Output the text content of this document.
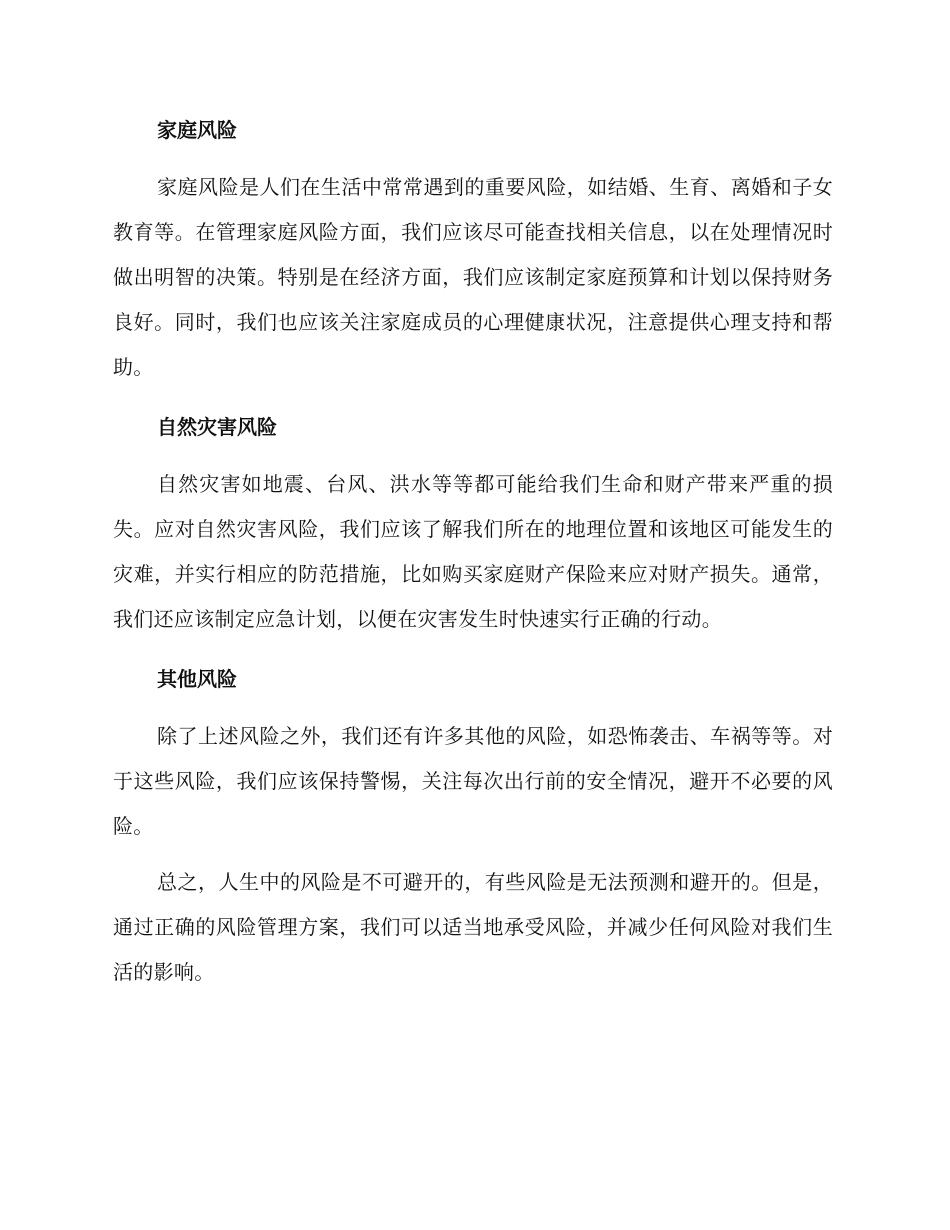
家庭风险

家庭风险是人们在生活中常常遇到的重要风险，如结婚、生育、离婚和子女教育等。在管理家庭风险方面，我们应该尽可能查找相关信息，以在处理情况时做出明智的决策。特别是在经济方面，我们应该制定家庭预算和计划以保持财务良好。同时，我们也应该关注家庭成员的心理健康状况，注意提供心理支持和帮助。

自然灾害风险

自然灾害如地震、台风、洪水等等都可能给我们生命和财产带来严重的损失。应对自然灾害风险，我们应该了解我们所在的地理位置和该地区可能发生的灾难，并实行相应的防范措施，比如购买家庭财产保险来应对财产损失。通常，我们还应该制定应急计划，以便在灾害发生时快速实行正确的行动。

其他风险

除了上述风险之外，我们还有许多其他的风险，如恐怖袭击、车祸等等。对于这些风险，我们应该保持警惕，关注每次出行前的安全情况，避开不必要的风险。

总之，人生中的风险是不可避开的，有些风险是无法预测和避开的。但是，通过正确的风险管理方案，我们可以适当地承受风险，并减少任何风险对我们生活的影响。
